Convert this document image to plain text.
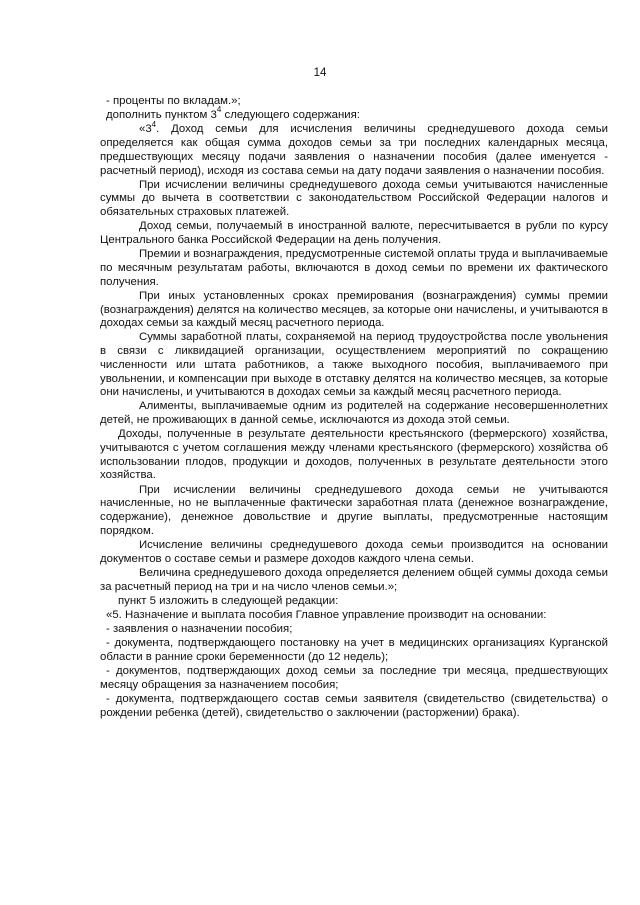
14

- проценты по вкладам.»;

дополнить пунктом $3^4$ следующего содержания:

«$3^4$. Доход семьи для исчисления величины среднедушевого дохода семьи определяется как общая сумма доходов семьи за три последних календарных месяца, предшествующих месяцу подачи заявления о назначении пособия (далее именуется - расчетный период), исходя из состава семьи на дату подачи заявления о назначении пособия.

При исчислении величины среднедушевого дохода семьи учитываются начисленные суммы до вычета в соответствии с законодательством Российской Федерации налогов и обязательных страховых платежей.

Доход семьи, получаемый в иностранной валюте, пересчитывается в рубли по курсу Центрального банка Российской Федерации на день получения.

Премии и вознаграждения, предусмотренные системой оплаты труда и выплачиваемые по месячным результатам работы, включаются в доход семьи по времени их фактического получения.

При иных установленных сроках премирования (вознаграждения) суммы премии (вознаграждения) делятся на количество месяцев, за которые они начислены, и учитываются в доходах семьи за каждый месяц расчетного периода.

Суммы заработной платы, сохраняемой на период трудоустройства после увольнения в связи с ликвидацией организации, осуществлением мероприятий по сокращению численности или штата работников, а также выходного пособия, выплачиваемого при увольнении, и компенсации при выходе в отставку делятся на количество месяцев, за которые они начислены, и учитываются в доходах семьи за каждый месяц расчетного периода.

Алименты, выплачиваемые одним из родителей на содержание несовершеннолетних детей, не проживающих в данной семье, исключаются из дохода этой семьи.

Доходы, полученные в результате деятельности крестьянского (фермерского) хозяйства, учитываются с учетом соглашения между членами крестьянского (фермерского) хозяйства об использовании плодов, продукции и доходов, полученных в результате деятельности этого хозяйства.

При исчислении величины среднедушевого дохода семьи не учитываются начисленные, но не выплаченные фактически заработная плата (денежное вознаграждение, содержание), денежное довольствие и другие выплаты, предусмотренные настоящим порядком.

Исчисление величины среднедушевого дохода семьи производится на основании документов о составе семьи и размере доходов каждого члена семьи.

Величина среднедушевого дохода определяется делением общей суммы дохода семьи за расчетный период на три и на число членов семьи.»;

пункт 5 изложить в следующей редакции:

«5. Назначение и выплата пособия Главное управление производит на основании:

- заявления о назначении пособия;

- документа, подтверждающего постановку на учет в медицинских организациях Курганской области в ранние сроки беременности (до 12 недель);

- документов, подтверждающих доход семьи за последние три месяца, предшествующих месяцу обращения за назначением пособия;

- документа, подтверждающего состав семьи заявителя (свидетельство (свидетельства) о рождении ребенка (детей), свидетельство о заключении (расторжении) брака).
